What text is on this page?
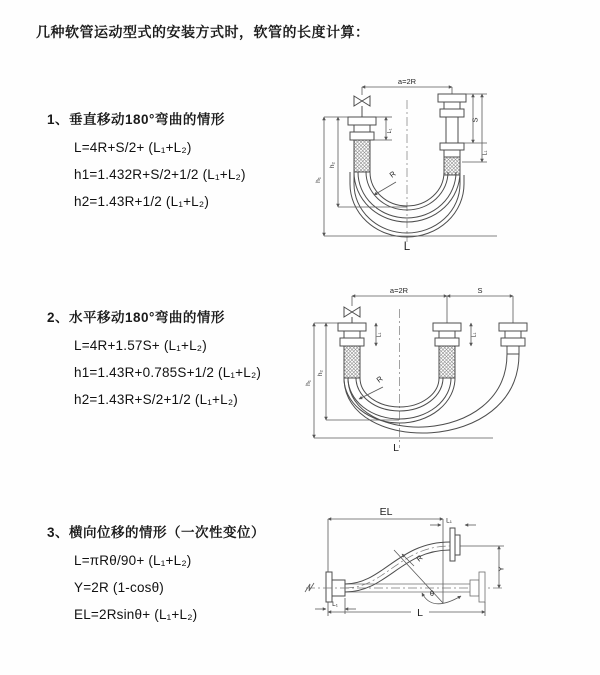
几种软管运动型式的安装方式时，软管的长度计算：
1、垂直移动180°弯曲的情形
L=4R+S/2+ (L₁+L₂)
h1=1.432R+S/2+1/2 (L₁+L₂)
h2=1.43R+1/2 (L₁+L₂)
2、水平移动180°弯曲的情形
L=4R+1.57S+ (L₁+L₂)
h1=1.43R+0.785S+1/2 (L₁+L₂)
h2=1.43R+S/2+1/2 (L₁+L₂)
3、横向位移的情形（一次性变位）
L=πRθ/90+ (L₁+L₂)
Y=2R (1-cosθ)
EL=2Rsinθ+ (L₁+L₂)
a=2R
L₁
S
L₁
R
h₁
h₂
L
a=2R	S
L₁	L₁
R
h₁
h₂
L
EL
L₁
R
θ
Y
L
L₁
